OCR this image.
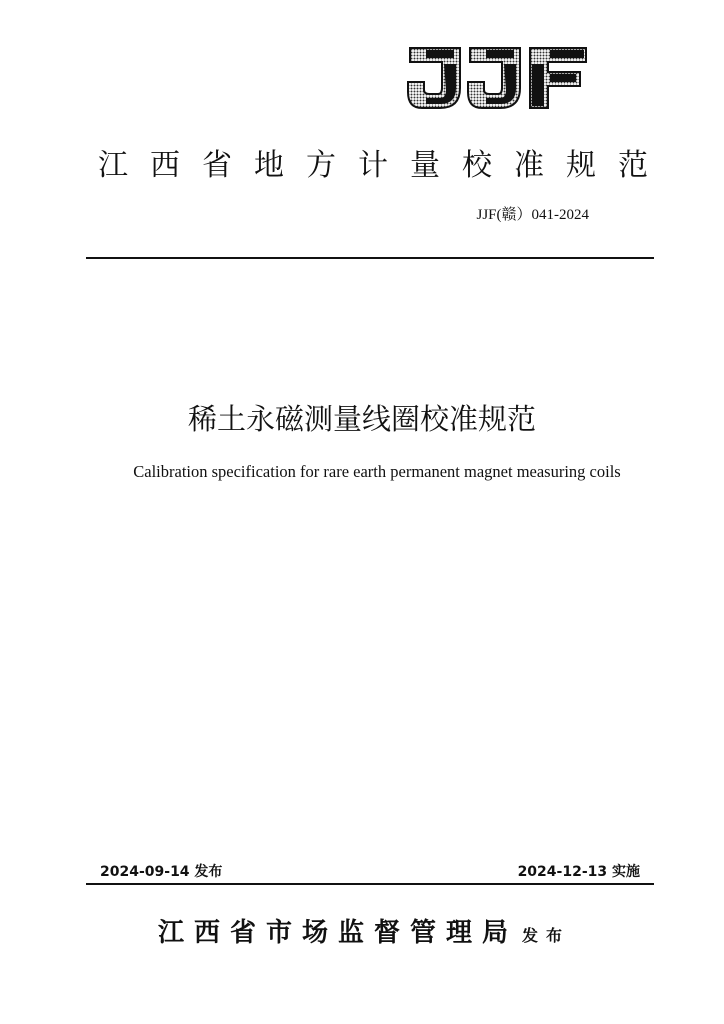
江西省地方计量校准规范
JJF(赣）041-2024
稀土永磁测量线圈校准规范
Calibration specification for rare earth permanent magnet measuring coils
2024-09-14 发布	2024-12-13 实施
江西省市场监督管理局 发布
